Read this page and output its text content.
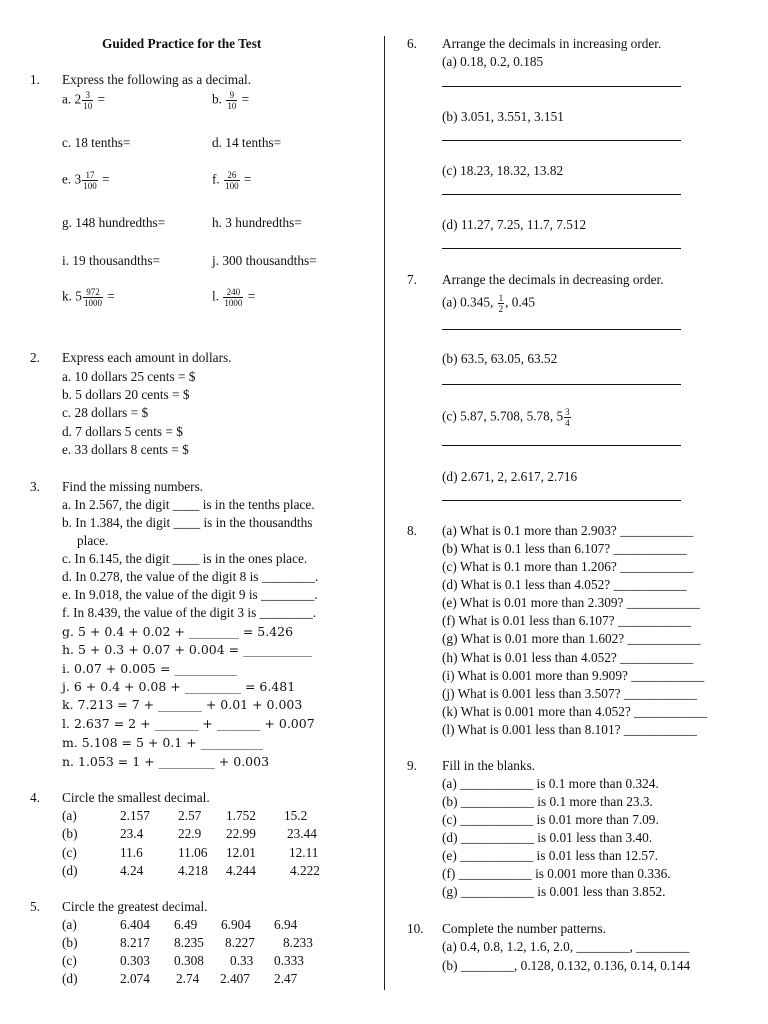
Guided Practice for the Test
1. Express the following as a decimal.
a. $2 \frac{3}{10}$ =	b. $\frac{9}{10}$ =
c. 18 tenths=	d. 14 tenths=
e. $3 \frac{17}{100}$ =	f. $\frac{26}{100}$ =
g. 148 hundredths=	h. 3 hundredths=
i. 19 thousandths=	j. 300 thousandths=
k. $5 \frac{972}{1000}$ =	l. $\frac{240}{1000}$ =
2. Express each amount in dollars.
a. 10 dollars 25 cents = $
b. 5 dollars 20 cents = $
c. 28 dollars = $
d. 7 dollars 5 cents = $
e. 33 dollars 8 cents = $
3. Find the missing numbers.
a. In 2.567, the digit ____ is in the tenths place.
b. In 1.384, the digit ____ is in the thousandths
place.
c. In 6.145, the digit ____ is in the ones place.
d. In 0.278, the value of the digit 8 is ________.
e. In 9.018, the value of the digit 9 is ________.
f. In 8.439, the value of the digit 3 is ________.
g. 5 + 0.4 + 0.02 + ________ = 5.426
h. 5 + 0.3 + 0.07 + 0.004 = ___________
i. 0.07 + 0.005 = __________
j. 6 + 0.4 + 0.08 + _________ = 6.481
k. 7.213 = 7 + _______ + 0.01 + 0.003
l. 2.637 = 2 + _______ + _______ + 0.007
m. 5.108 = 5 + 0.1 + __________
n. 1.053 = 1 + _________ + 0.003
4. Circle the smallest decimal.
(a)	2.157 2.57 1.752 15.2
(b)	23.4	22.9 22.99 23.44
(c)	11.6	11.06 12.01 12.11
(d)	4.24	4.218 4.244	4.222
5. Circle the greatest decimal.
(a)	6.404 6.49 6.904 6.94
(b)	8.217 8.235 8.227 8.233
(c)	0.303 0.308 0.33 0.333
(d)	2.074 2.74 2.407 2.47
6. Arrange the decimals in increasing order.
(a) 0.18, 0.2, 0.185
(b) 3.051, 3.551, 3.151
(c) 18.23, 18.32, 13.82
(d) 11.27, 7.25, 11.7, 7.512
7. Arrange the decimals in decreasing order.
(a) 0.345, $\frac{1}{2}$ , 0.45
(b) 63.5, 63.05, 63.52
(c) 5.87, 5.708, 5.78, $5 \frac{3}{4}$
(d) 2.671, 2, 2.617, 2.716
8. (a) What is 0.1 more than 2.903? ___________
(b) What is 0.1 less than 6.107? ___________
(c) What is 0.1 more than 1.206? ___________
(d) What is 0.1 less than 4.052? ___________
(e) What is 0.01 more than 2.309? ___________
(f) What is 0.01 less than 6.107? ___________
(g) What is 0.01 more than 1.602? ___________
(h) What is 0.01 less than 4.052? ___________
(i) What is 0.001 more than 9.909? ___________
(j) What is 0.001 less than 3.507? ___________
(k) What is 0.001 more than 4.052? ___________
(l) What is 0.001 less than 8.101? ___________
9. Fill in the blanks.
(a) ___________ is 0.1 more than 0.324.
(b) ___________ is 0.1 more than 23.3.
(c) ___________ is 0.01 more than 7.09.
(d) ___________ is 0.01 less than 3.40.
(e) ___________ is 0.01 less than 12.57.
(f) ___________ is 0.001 more than 0.336.
(g) ___________ is 0.001 less than 3.852.
10. Complete the number patterns.
(a) 0.4, 0.8, 1.2, 1.6, 2.0, ________, ________
(b) ________, 0.128, 0.132, 0.136, 0.14, 0.144
